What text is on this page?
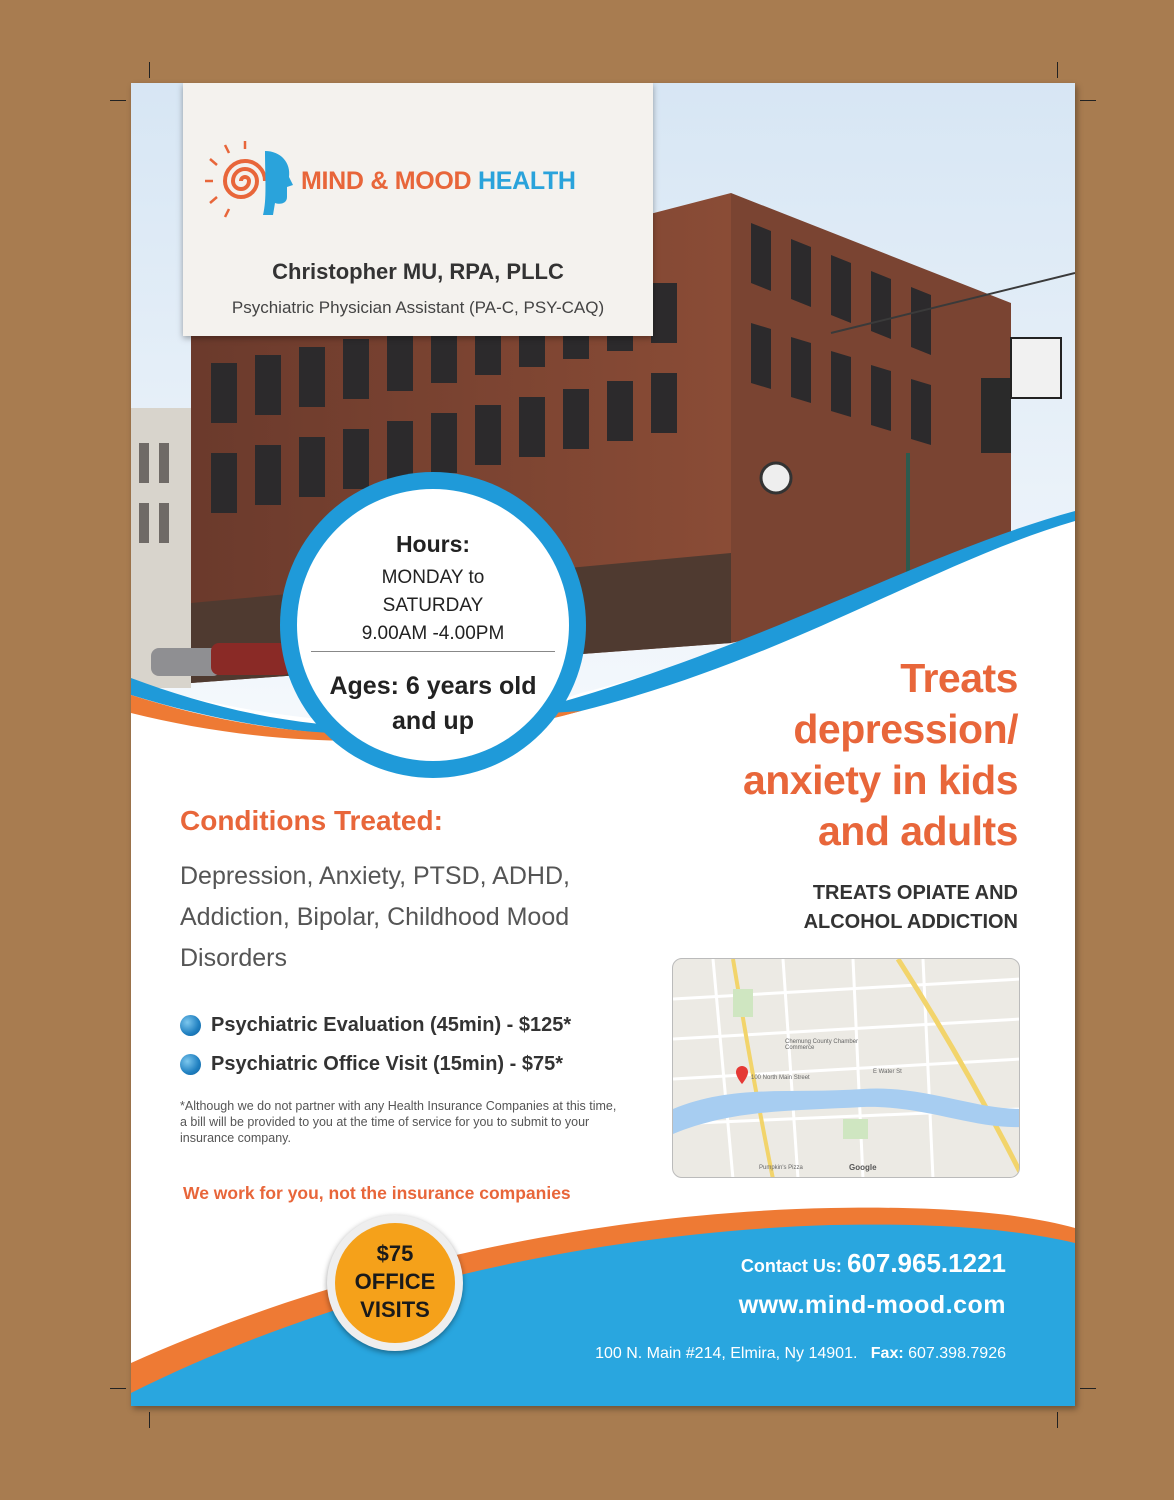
MIND & MOOD HEALTH
Christopher MU, RPA, PLLC
Psychiatric Physician Assistant (PA-C, PSY-CAQ)
Hours:
MONDAY to
SATURDAY
9.00AM -4.00PM
Ages: 6 years old and up
Treats
depression/
anxiety in kids
and adults
TREATS OPIATE AND
ALCOHOL ADDICTION
Conditions Treated:
Depression, Anxiety, PTSD, ADHD, Addiction, Bipolar, Childhood Mood Disorders
Psychiatric Evaluation (45min) - $125*
Psychiatric Office Visit (15min) - $75*
*Although we do not partner with any Health Insurance Companies at this time, a bill will be provided to you at the time of service for you to submit to your insurance company.
We work for you, not the insurance companies
100 North Main Street
Chemung County Chamber Commerce
E Water St
Pumpkin's Pizza	Google
$75
OFFICE
VISITS
Contact Us: 607.965.1221
www.mind-mood.com
100 N. Main #214, Elmira, Ny 14901. Fax: 607.398.7926
